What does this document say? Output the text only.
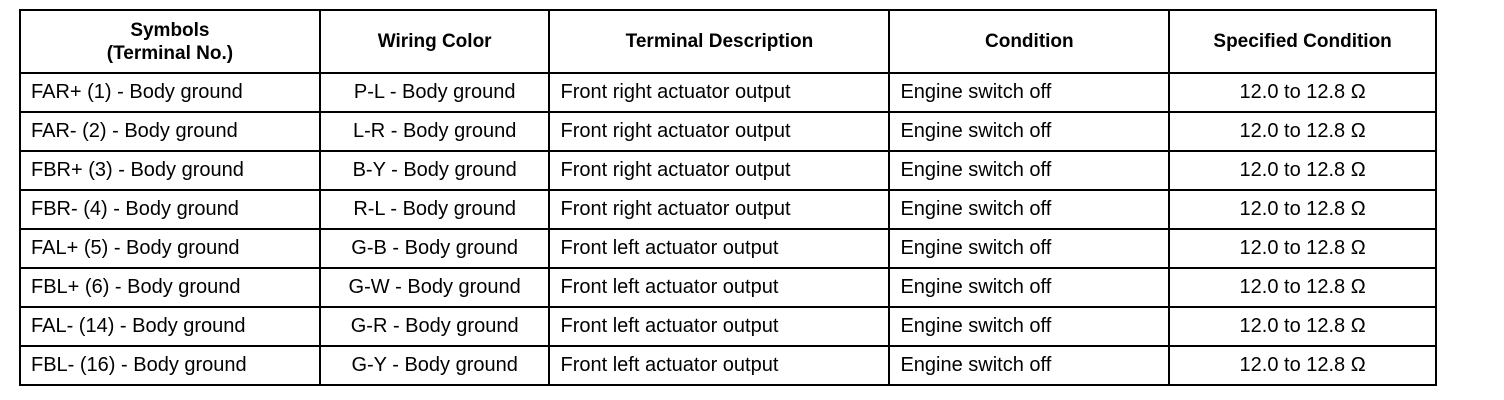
Symbols
(Terminal No.)	Wiring Color	Terminal Description	Condition	Specified Condition
FAR+ (1) - Body ground	P-L - Body ground	Front right actuator output	Engine switch off	12.0 to 12.8 Ω
FAR- (2) - Body ground	L-R - Body ground	Front right actuator output	Engine switch off	12.0 to 12.8 Ω
FBR+ (3) - Body ground	B-Y - Body ground	Front right actuator output	Engine switch off	12.0 to 12.8 Ω
FBR- (4) - Body ground	R-L - Body ground	Front right actuator output	Engine switch off	12.0 to 12.8 Ω
FAL+ (5) - Body ground	G-B - Body ground	Front left actuator output	Engine switch off	12.0 to 12.8 Ω
FBL+ (6) - Body ground	G-W - Body ground	Front left actuator output	Engine switch off	12.0 to 12.8 Ω
FAL- (14) - Body ground	G-R - Body ground	Front left actuator output	Engine switch off	12.0 to 12.8 Ω
FBL- (16) - Body ground	G-Y - Body ground	Front left actuator output	Engine switch off	12.0 to 12.8 Ω
